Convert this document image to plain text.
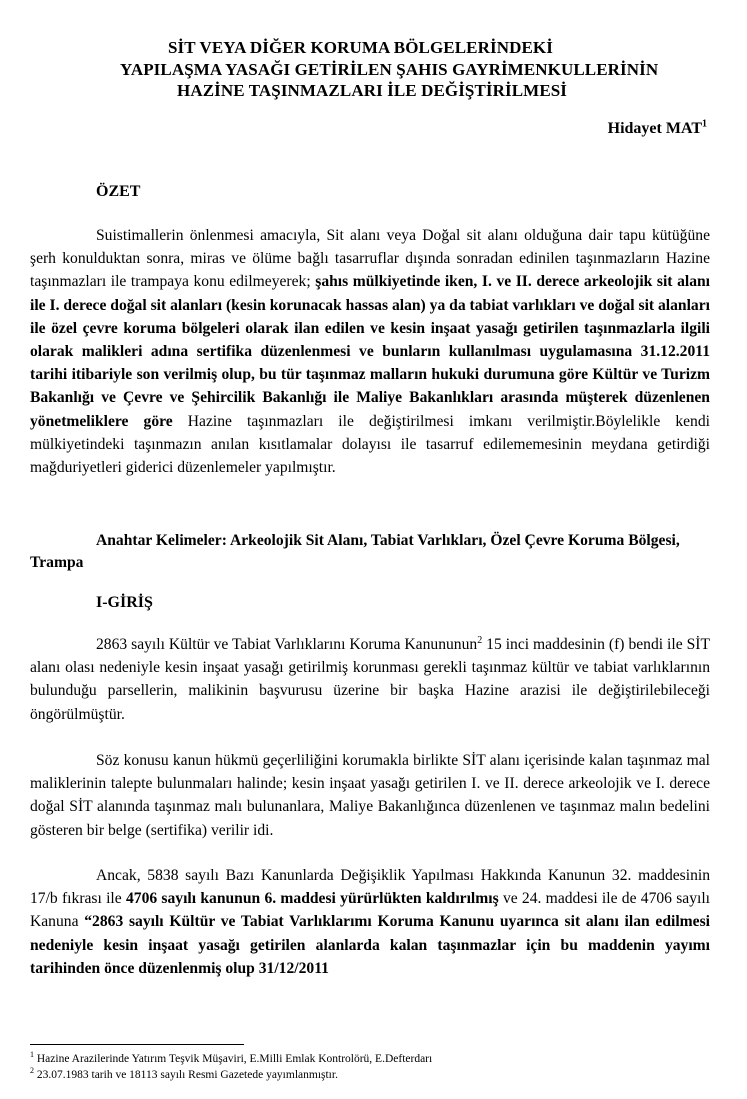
SİT VEYA DİĞER KORUMA BÖLGELERİNDEKİ
YAPILAŞMA YASAĞI GETİRİLEN ŞAHIS GAYRİMENKULLERİNİN
HAZİNE TAŞINMAZLARI İLE DEĞİŞTİRİLMESİ
Hidayet MAT$^1$
ÖZET
Suistimallerin önlenmesi amacıyla, Sit alanı veya Doğal sit alanı olduğuna dair tapu kütüğüne şerh konulduktan sonra, miras ve ölüme bağlı tasarruflar dışında sonradan edinilen taşınmazların Hazine taşınmazları ile trampaya konu edilmeyerek; şahıs mülkiyetinde iken, I. ve II. derece arkeolojik sit alanı ile I. derece doğal sit alanları (kesin korunacak hassas alan) ya da tabiat varlıkları ve doğal sit alanları ile özel çevre koruma bölgeleri olarak ilan edilen ve kesin inşaat yasağı getirilen taşınmazlarla ilgili olarak malikleri adına sertifika düzenlenmesi ve bunların kullanılması uygulamasına 31.12.2011 tarihi itibariyle son verilmiş olup, bu tür taşınmaz malların hukuki durumuna göre Kültür ve Turizm Bakanlığı ve Çevre ve Şehircilik Bakanlığı ile Maliye Bakanlıkları arasında müşterek düzenlenen yönetmeliklere göre Hazine taşınmazları ile değiştirilmesi imkanı verilmiştir.Böylelikle kendi mülkiyetindeki taşınmazın anılan kısıtlamalar dolayısı ile tasarruf edilememesinin meydana getirdiği mağduriyetleri giderici düzenlemeler yapılmıştır.
Anahtar Kelimeler: Arkeolojik Sit Alanı, Tabiat Varlıkları, Özel Çevre Koruma Bölgesi, Trampa
I-GİRİŞ
2863 sayılı Kültür ve Tabiat Varlıklarını Koruma Kanununun$^2$ 15 inci maddesinin (f) bendi ile SİT alanı olası nedeniyle kesin inşaat yasağı getirilmiş korunması gerekli taşınmaz kültür ve tabiat varlıklarının bulunduğu parsellerin, malikinin başvurusu üzerine bir başka Hazine arazisi ile değiştirilebileceği öngörülmüştür.
Söz konusu kanun hükmü geçerliliğini korumakla birlikte SİT alanı içerisinde kalan taşınmaz mal maliklerinin talepte bulunmaları halinde; kesin inşaat yasağı getirilen I. ve II. derece arkeolojik ve I. derece doğal SİT alanında taşınmaz malı bulunanlara, Maliye Bakanlığınca düzenlenen ve taşınmaz malın bedelini gösteren bir belge (sertifika) verilir idi.
Ancak, 5838 sayılı Bazı Kanunlarda Değişiklik Yapılması Hakkında Kanunun 32. maddesinin 17/b fıkrası ile 4706 sayılı kanunun 6. maddesi yürürlükten kaldırılmış ve 24. maddesi ile de 4706 sayılı Kanuna “2863 sayılı Kültür ve Tabiat Varlıklarımı Koruma Kanunu uyarınca sit alanı ilan edilmesi nedeniyle kesin inşaat yasağı getirilen alanlarda kalan taşınmazlar için bu maddenin yayımı tarihinden önce düzenlenmiş olup 31/12/2011
$^1$ Hazine Arazilerinde Yatırım Teşvik Müşaviri, E.Milli Emlak Kontrolörü, E.Defterdarı
$^2$ 23.07.1983 tarih ve 18113 sayılı Resmi Gazetede yayımlanmıştır.
